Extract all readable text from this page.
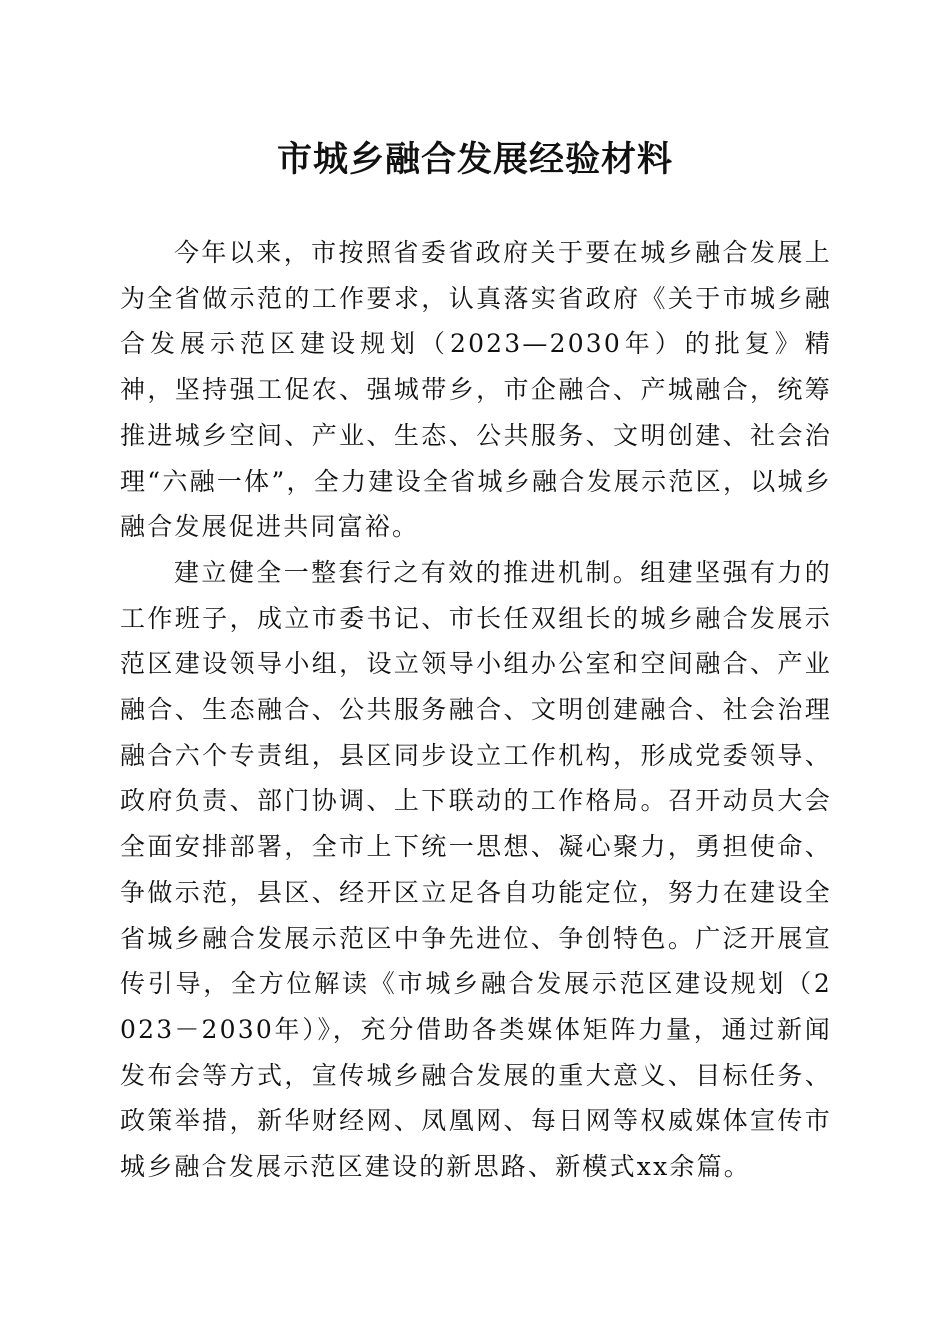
市城乡融合发展经验材料

今年以来，市按照省委省政府关于要在城乡融合发展上为全省做示范的工作要求，认真落实省政府《关于市城乡融合发展示范区建设规划（2023—2030年）的批复》精神，坚持强工促农、强城带乡，市企融合、产城融合，统筹推进城乡空间、产业、生态、公共服务、文明创建、社会治理“六融一体”，全力建设全省城乡融合发展示范区，以城乡融合发展促进共同富裕。

建立健全一整套行之有效的推进机制。组建坚强有力的工作班子，成立市委书记、市长任双组长的城乡融合发展示范区建设领导小组，设立领导小组办公室和空间融合、产业融合、生态融合、公共服务融合、文明创建融合、社会治理融合六个专责组，县区同步设立工作机构，形成党委领导、政府负责、部门协调、上下联动的工作格局。召开动员大会全面安排部署，全市上下统一思想、凝心聚力，勇担使命、争做示范，县区、经开区立足各自功能定位，努力在建设全省城乡融合发展示范区中争先进位、争创特色。广泛开展宣传引导，全方位解读《市城乡融合发展示范区建设规划（2023－2030年）》，充分借助各类媒体矩阵力量，通过新闻发布会等方式，宣传城乡融合发展的重大意义、目标任务、政策举措，新华财经网、凤凰网、每日网等权威媒体宣传市城乡融合发展示范区建设的新思路、新模式xx余篇。
